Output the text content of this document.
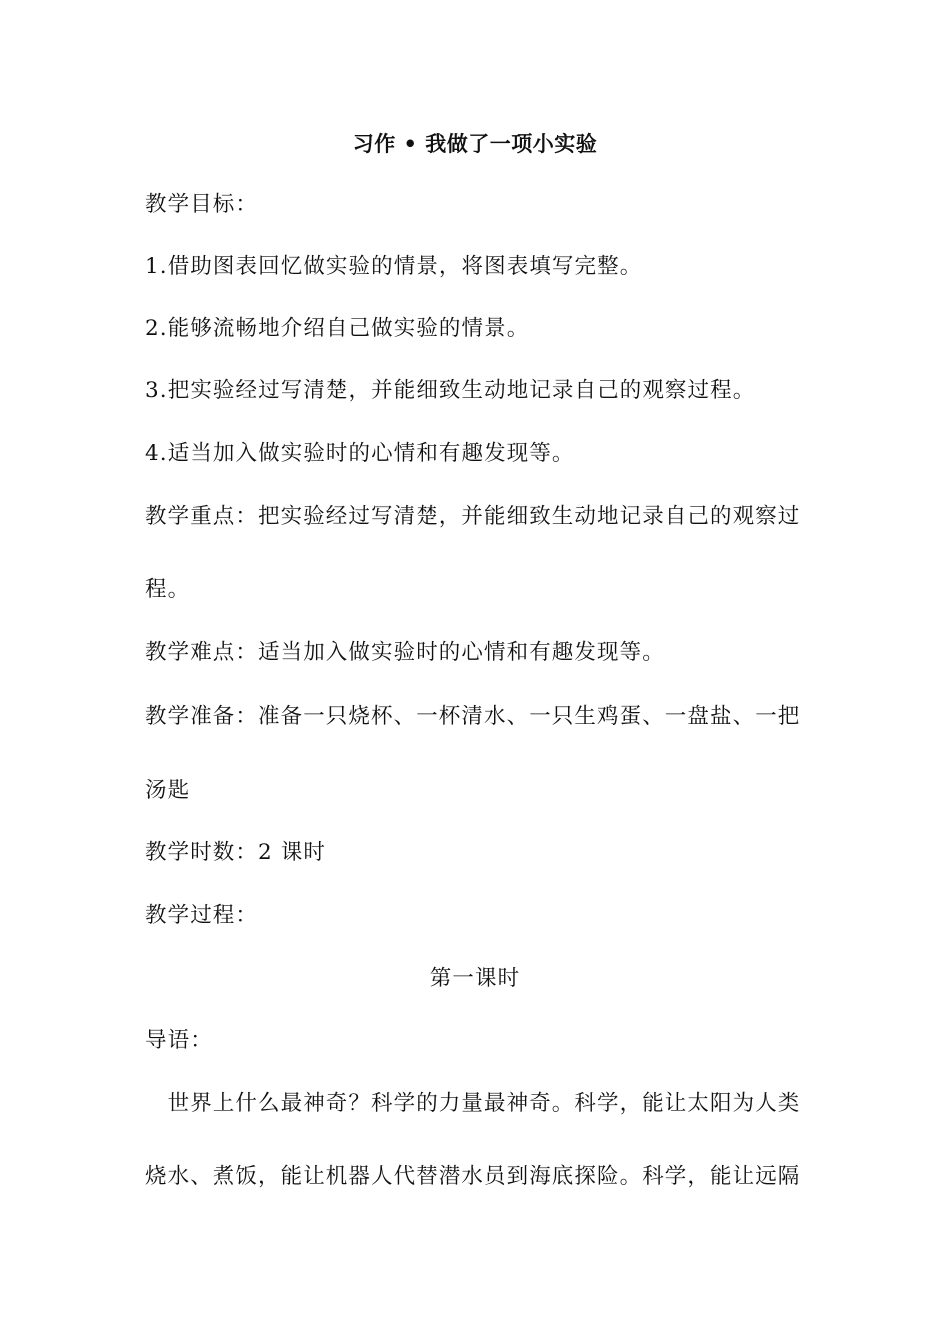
习作 • 我做了一项小实验
教学目标：
1.借助图表回忆做实验的情景，将图表填写完整。
2.能够流畅地介绍自己做实验的情景。
3.把实验经过写清楚，并能细致生动地记录自己的观察过程。
4.适当加入做实验时的心情和有趣发现等。
教学重点：把实验经过写清楚，并能细致生动地记录自己的观察过
程。
教学难点：适当加入做实验时的心情和有趣发现等。
教学准备：准备一只烧杯、一杯清水、一只生鸡蛋、一盘盐、一把
汤匙
教学时数：2 课时
教学过程：
第一课时
导语：
　世界上什么最神奇？科学的力量最神奇。科学，能让太阳为人类
烧水、煮饭，能让机器人代替潜水员到海底探险。科学，能让远隔
